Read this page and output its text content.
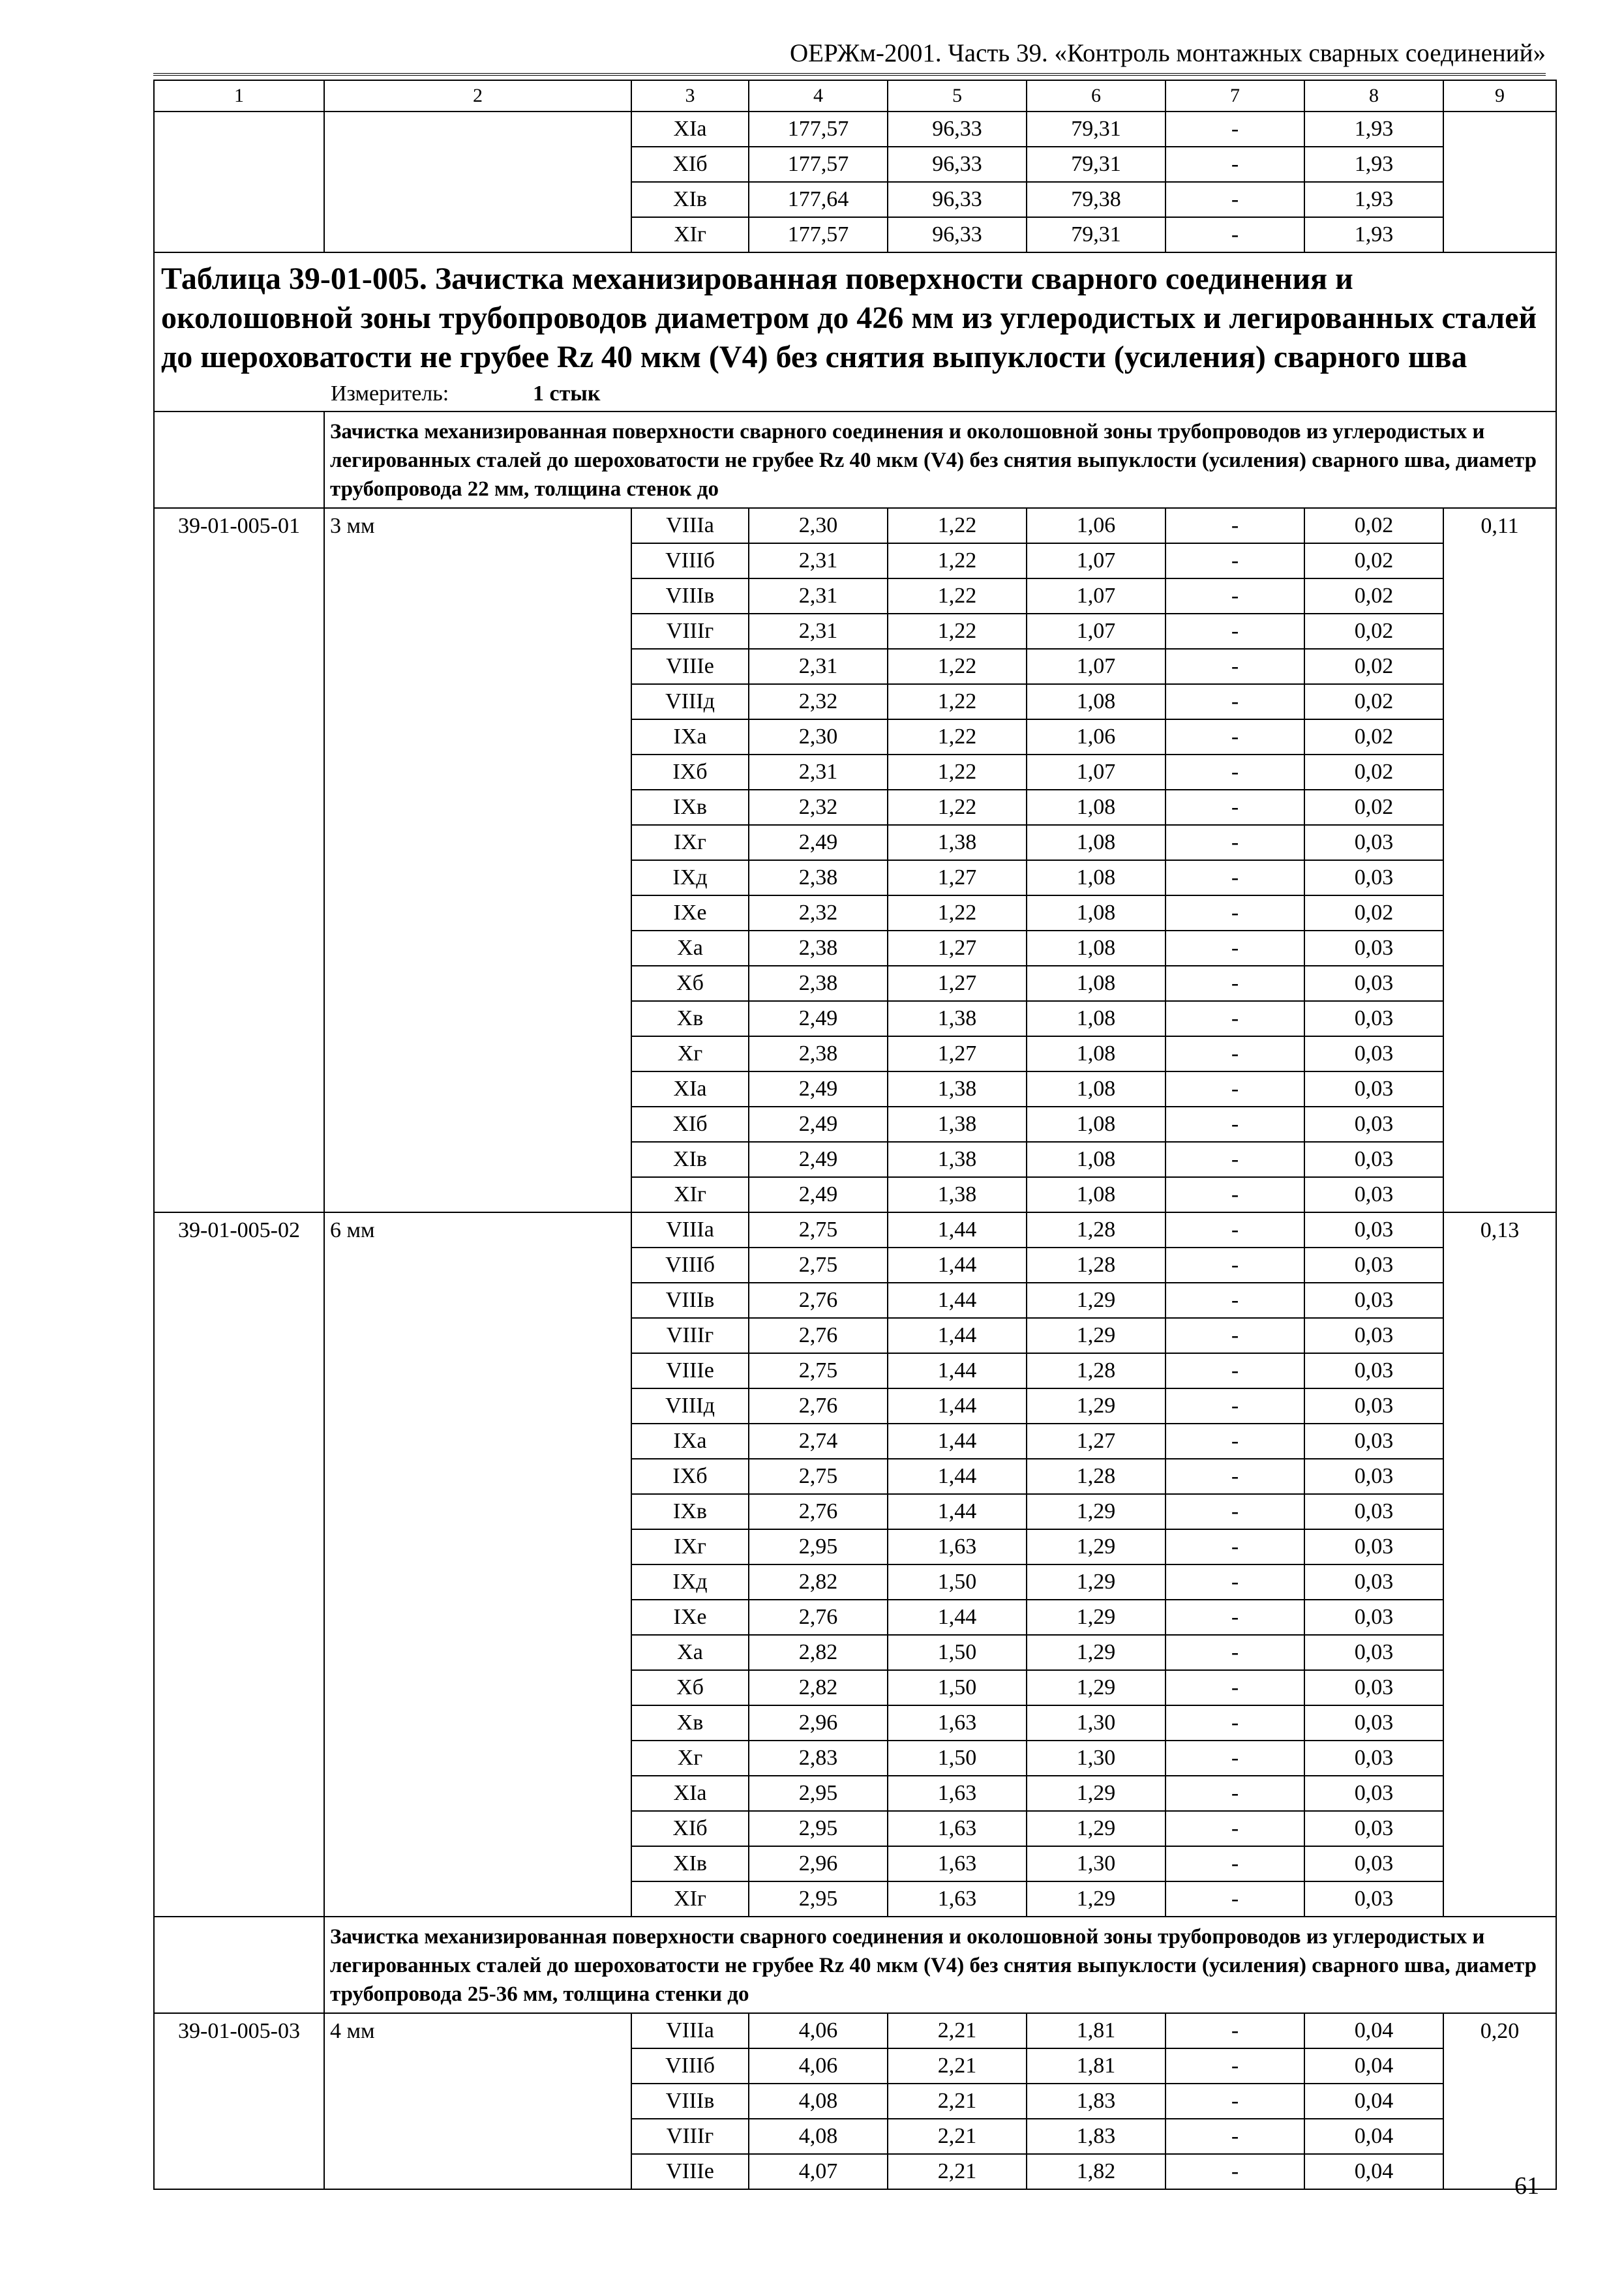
ОЕРЖм-2001. Часть 39. «Контроль монтажных сварных соединений»
1	2	3	4	5	6	7	8	9
		XIа	177,57	96,33	79,31	-	1,93	
		XIб	177,57	96,33	79,31	-	1,93	
		XIв	177,64	96,33	79,38	-	1,93	
		XIг	177,57	96,33	79,31	-	1,93	

Таблица 39-01-005. Зачистка механизированная поверхности сварного соединения и околошовной зоны трубопроводов диаметром до 426 мм из углеродистых и легированных сталей до шероховатости не грубее Rz 40 мкм (V4) без снятия выпуклости (усиления) сварного шва
Измеритель: 1 стык								

	Зачистка механизированная поверхности сварного соединения и околошовной зоны трубопроводов из углеродистых и легированных сталей до шероховатости не грубее Rz 40 мкм (V4) без снятия выпуклости (усиления) сварного шва, диаметр трубопровода 22 мм, толщина стенок до							
39-01-005-01	3 мм	VIIIа	2,30	1,22	1,06	-	0,02	0,11
		VIIIб	2,31	1,22	1,07	-	0,02	
		VIIIв	2,31	1,22	1,07	-	0,02	
		VIIIг	2,31	1,22	1,07	-	0,02	
		VIIIе	2,31	1,22	1,07	-	0,02	
		VIIIд	2,32	1,22	1,08	-	0,02	
		IXа	2,30	1,22	1,06	-	0,02	
		IXб	2,31	1,22	1,07	-	0,02	
		IXв	2,32	1,22	1,08	-	0,02	
		IXг	2,49	1,38	1,08	-	0,03	
		IXд	2,38	1,27	1,08	-	0,03	
		IXе	2,32	1,22	1,08	-	0,02	
		Xа	2,38	1,27	1,08	-	0,03	
		Xб	2,38	1,27	1,08	-	0,03	
		Xв	2,49	1,38	1,08	-	0,03	
		Xг	2,38	1,27	1,08	-	0,03	
		XIа	2,49	1,38	1,08	-	0,03	
		XIб	2,49	1,38	1,08	-	0,03	
		XIв	2,49	1,38	1,08	-	0,03	
		XIг	2,49	1,38	1,08	-	0,03	
39-01-005-02	6 мм	VIIIа	2,75	1,44	1,28	-	0,03	0,13
		VIIIб	2,75	1,44	1,28	-	0,03	
		VIIIв	2,76	1,44	1,29	-	0,03	
		VIIIг	2,76	1,44	1,29	-	0,03	
		VIIIе	2,75	1,44	1,28	-	0,03	
		VIIIд	2,76	1,44	1,29	-	0,03	
		IXа	2,74	1,44	1,27	-	0,03	
		IXб	2,75	1,44	1,28	-	0,03	
		IXв	2,76	1,44	1,29	-	0,03	
		IXг	2,95	1,63	1,29	-	0,03	
		IXд	2,82	1,50	1,29	-	0,03	
		IXе	2,76	1,44	1,29	-	0,03	
		Xа	2,82	1,50	1,29	-	0,03	
		Xб	2,82	1,50	1,29	-	0,03	
		Xв	2,96	1,63	1,30	-	0,03	
		Xг	2,83	1,50	1,30	-	0,03	
		XIа	2,95	1,63	1,29	-	0,03	
		XIб	2,95	1,63	1,29	-	0,03	
		XIв	2,96	1,63	1,30	-	0,03	
		XIг	2,95	1,63	1,29	-	0,03	
	Зачистка механизированная поверхности сварного соединения и околошовной зоны трубопроводов из углеродистых и легированных сталей до шероховатости не грубее Rz 40 мкм (V4) без снятия выпуклости (усиления) сварного шва, диаметр трубопровода 25-36 мм, толщина стенки до							
39-01-005-03	4 мм	VIIIа	4,06	2,21	1,81	-	0,04	0,20
		VIIIб	4,06	2,21	1,81	-	0,04	
		VIIIв	4,08	2,21	1,83	-	0,04	
		VIIIг	4,08	2,21	1,83	-	0,04	
		VIIIе	4,07	2,21	1,82	-	0,04	
61
